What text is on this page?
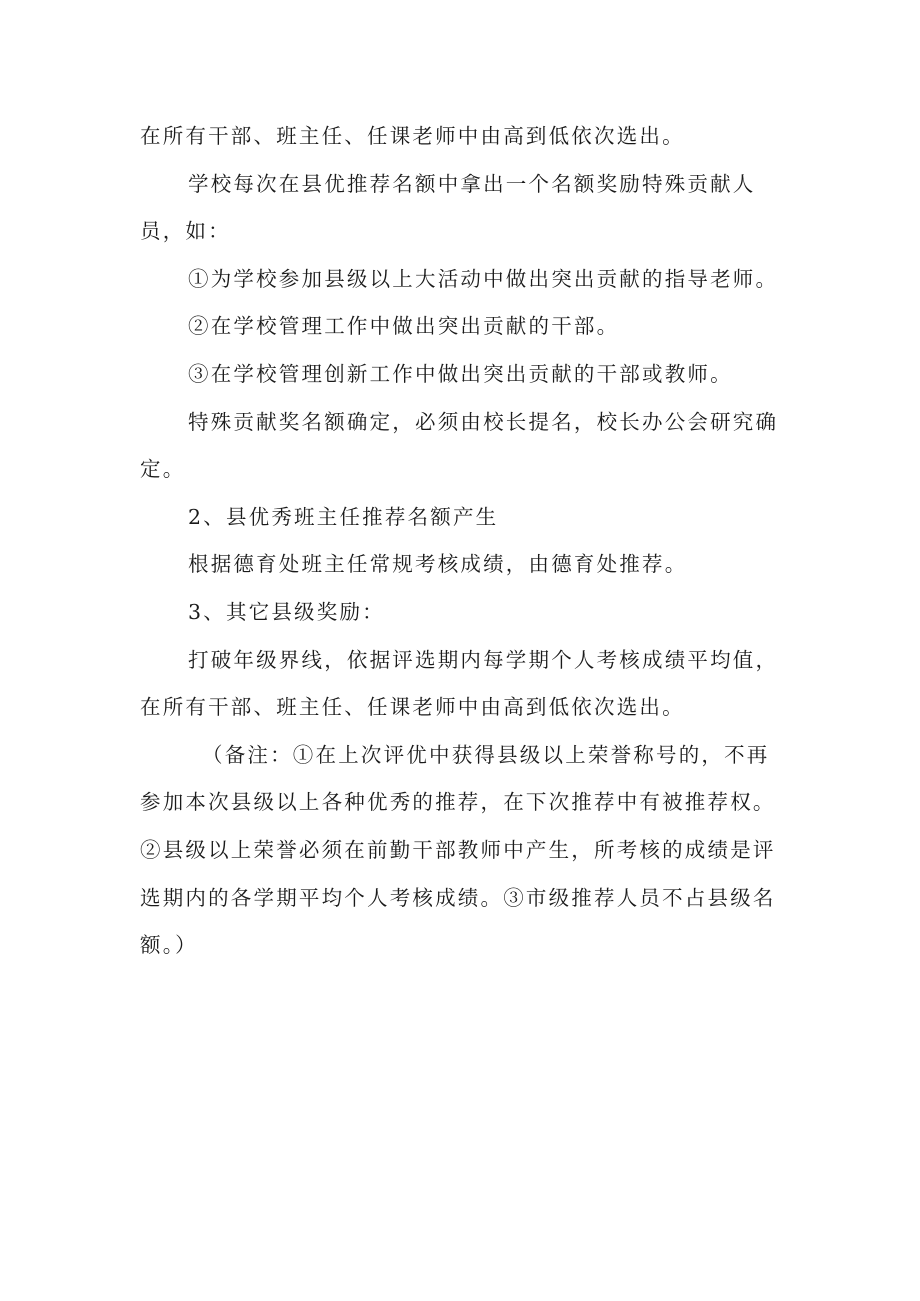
在所有干部、班主任、任课老师中由高到低依次选出。

学校每次在县优推荐名额中拿出一个名额奖励特殊贡献人

员，如：

①为学校参加县级以上大活动中做出突出贡献的指导老师。

②在学校管理工作中做出突出贡献的干部。

③在学校管理创新工作中做出突出贡献的干部或教师。

特殊贡献奖名额确定，必须由校长提名，校长办公会研究确

定。

2、县优秀班主任推荐名额产生

根据德育处班主任常规考核成绩，由德育处推荐。

3、其它县级奖励：

打破年级界线，依据评选期内每学期个人考核成绩平均值，

在所有干部、班主任、任课老师中由高到低依次选出。

（备注：①在上次评优中获得县级以上荣誉称号的，不再

参加本次县级以上各种优秀的推荐，在下次推荐中有被推荐权。

②县级以上荣誉必须在前勤干部教师中产生，所考核的成绩是评

选期内的各学期平均个人考核成绩。③市级推荐人员不占县级名

额。）
